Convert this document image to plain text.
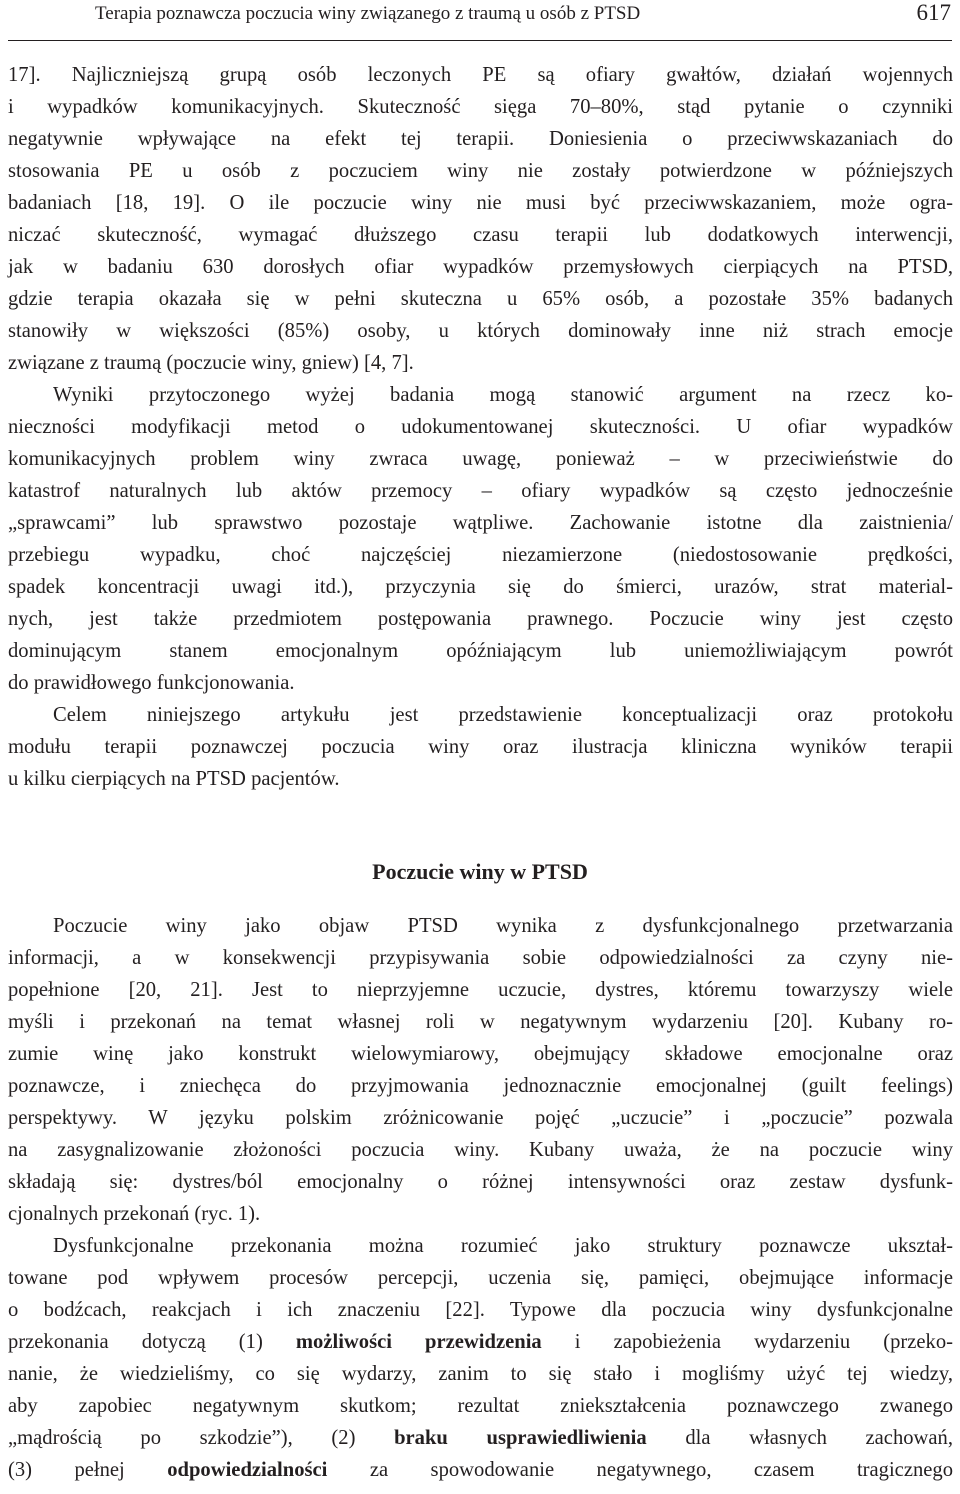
Terapia poznawcza poczucia winy związanego z traumą u osób z PTSD	617
17]. Najliczniejszą grupą osób leczonych PE są ofiary gwałtów, działań wojennych
i wypadków komunikacyjnych. Skuteczność sięga 70–80%, stąd pytanie o czynniki
negatywnie wpływające na efekt tej terapii. Doniesienia o przeciwwskazaniach do
stosowania PE u osób z poczuciem winy nie zostały potwierdzone w późniejszych
badaniach [18, 19]. O ile poczucie winy nie musi być przeciwwskazaniem, może ogra-
niczać skuteczność, wymagać dłuższego czasu terapii lub dodatkowych interwencji,
jak w badaniu 630 dorosłych ofiar wypadków przemysłowych cierpiących na PTSD,
gdzie terapia okazała się w pełni skuteczna u 65% osób, a pozostałe 35% badanych
stanowiły w większości (85%) osoby, u których dominowały inne niż strach emocje
związane z traumą (poczucie winy, gniew) [4, 7].
Wyniki przytoczonego wyżej badania mogą stanowić argument na rzecz ko-
nieczności modyfikacji metod o udokumentowanej skuteczności. U ofiar wypadków
komunikacyjnych problem winy zwraca uwagę, ponieważ – w przeciwieństwie do
katastrof naturalnych lub aktów przemocy – ofiary wypadków są często jednocześnie
„sprawcami” lub sprawstwo pozostaje wątpliwe. Zachowanie istotne dla zaistnienia/
przebiegu wypadku, choć najczęściej niezamierzone (niedostosowanie prędkości,
spadek koncentracji uwagi itd.), przyczynia się do śmierci, urazów, strat material-
nych, jest także przedmiotem postępowania prawnego. Poczucie winy jest często
dominującym stanem emocjonalnym opóźniającym lub uniemożliwiającym powrót
do prawidłowego funkcjonowania.
Celem niniejszego artykułu jest przedstawienie konceptualizacji oraz protokołu
modułu terapii poznawczej poczucia winy oraz ilustracja kliniczna wyników terapii
u kilku cierpiących na PTSD pacjentów.
Poczucie winy w PTSD
Poczucie winy jako objaw PTSD wynika z dysfunkcjonalnego przetwarzania
informacji, a w konsekwencji przypisywania sobie odpowiedzialności za czyny nie-
popełnione [20, 21]. Jest to nieprzyjemne uczucie, dystres, któremu towarzyszy wiele
myśli i przekonań na temat własnej roli w negatywnym wydarzeniu [20]. Kubany ro-
zumie winę jako konstrukt wielowymiarowy, obejmujący składowe emocjonalne oraz
poznawcze, i zniechęca do przyjmowania jednoznacznie emocjonalnej (guilt feelings)
perspektywy. W języku polskim zróżnicowanie pojęć „uczucie” i „poczucie” pozwala
na zasygnalizowanie złożoności poczucia winy. Kubany uważa, że na poczucie winy
składają się: dystres/ból emocjonalny o różnej intensywności oraz zestaw dysfunk-
cjonalnych przekonań (ryc. 1).
Dysfunkcjonalne przekonania można rozumieć jako struktury poznawcze ukształ-
towane pod wpływem procesów percepcji, uczenia się, pamięci, obejmujące informacje
o bodźcach, reakcjach i ich znaczeniu [22]. Typowe dla poczucia winy dysfunkcjonalne
przekonania dotyczą (1) możliwości przewidzenia i zapobieżenia wydarzeniu (przeko-
nanie, że wiedzieliśmy, co się wydarzy, zanim to się stało i mogliśmy użyć tej wiedzy,
aby zapobiec negatywnym skutkom; rezultat zniekształcenia poznawczego zwanego
„mądrością po szkodzie”), (2) braku usprawiedliwienia dla własnych zachowań,
(3) pełnej odpowiedzialności za spowodowanie negatywnego, czasem tragicznego
